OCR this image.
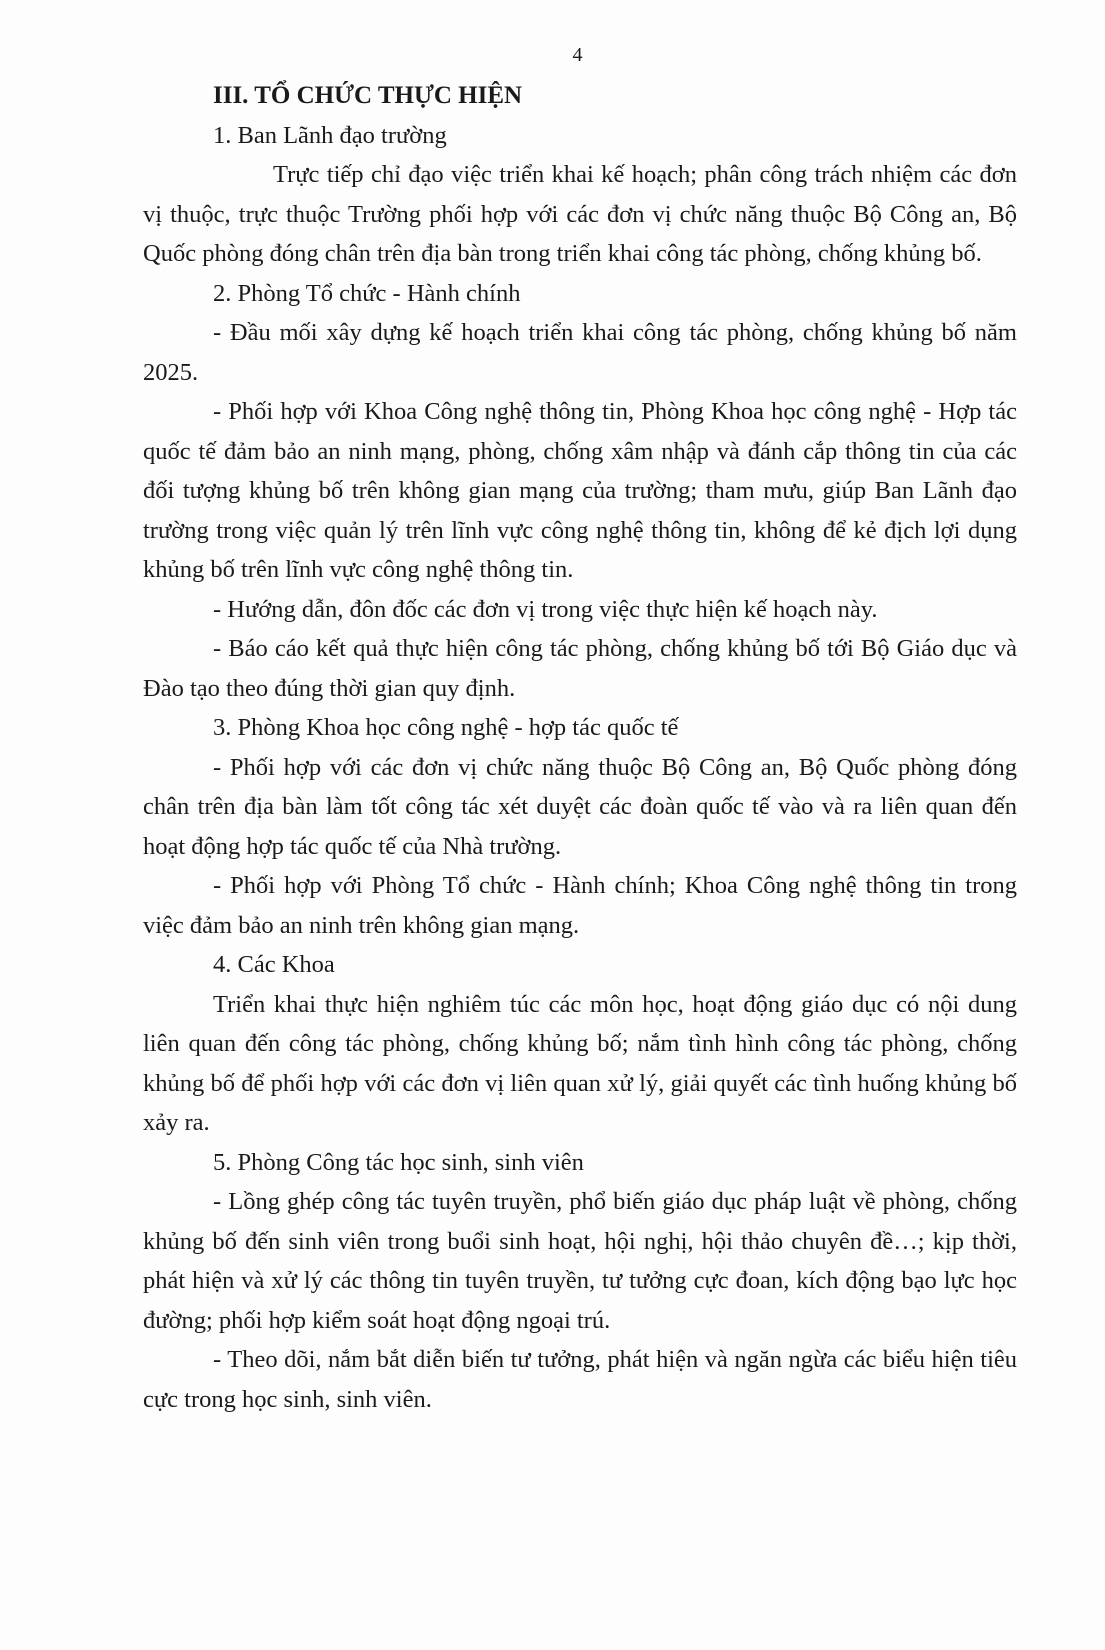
4

III. TỔ CHỨC THỰC HIỆN

1. Ban Lãnh đạo trường

Trực tiếp chỉ đạo việc triển khai kế hoạch; phân công trách nhiệm các đơn vị thuộc, trực thuộc Trường phối hợp với các đơn vị chức năng thuộc Bộ Công an, Bộ Quốc phòng đóng chân trên địa bàn trong triển khai công tác phòng, chống khủng bố.

2. Phòng Tổ chức - Hành chính

- Đầu mối xây dựng kế hoạch triển khai công tác phòng, chống khủng bố năm 2025.

- Phối hợp với Khoa Công nghệ thông tin, Phòng Khoa học công nghệ - Hợp tác quốc tế đảm bảo an ninh mạng, phòng, chống xâm nhập và đánh cắp thông tin của các đối tượng khủng bố trên không gian mạng của trường; tham mưu, giúp Ban Lãnh đạo trường trong việc quản lý trên lĩnh vực công nghệ thông tin, không để kẻ địch lợi dụng khủng bố trên lĩnh vực công nghệ thông tin.

- Hướng dẫn, đôn đốc các đơn vị trong việc thực hiện kế hoạch này.

- Báo cáo kết quả thực hiện công tác phòng, chống khủng bố tới Bộ Giáo dục và Đào tạo theo đúng thời gian quy định.

3. Phòng Khoa học công nghệ - hợp tác quốc tế

- Phối hợp với các đơn vị chức năng thuộc Bộ Công an, Bộ Quốc phòng đóng chân trên địa bàn làm tốt công tác xét duyệt các đoàn quốc tế vào và ra liên quan đến hoạt động hợp tác quốc tế của Nhà trường.

- Phối hợp với Phòng Tổ chức - Hành chính; Khoa Công nghệ thông tin trong việc đảm bảo an ninh trên không gian mạng.

4. Các Khoa

Triển khai thực hiện nghiêm túc các môn học, hoạt động giáo dục có nội dung liên quan đến công tác phòng, chống khủng bố; nắm tình hình công tác phòng, chống khủng bố để phối hợp với các đơn vị liên quan xử lý, giải quyết các tình huống khủng bố xảy ra.

5. Phòng Công tác học sinh, sinh viên

- Lồng ghép công tác tuyên truyền, phổ biến giáo dục pháp luật về phòng, chống khủng bố đến sinh viên trong buổi sinh hoạt, hội nghị, hội thảo chuyên đề…; kịp thời, phát hiện và xử lý các thông tin tuyên truyền, tư tưởng cực đoan, kích động bạo lực học đường; phối hợp kiểm soát hoạt động ngoại trú.

- Theo dõi, nắm bắt diễn biến tư tưởng, phát hiện và ngăn ngừa các biểu hiện tiêu cực trong học sinh, sinh viên.
